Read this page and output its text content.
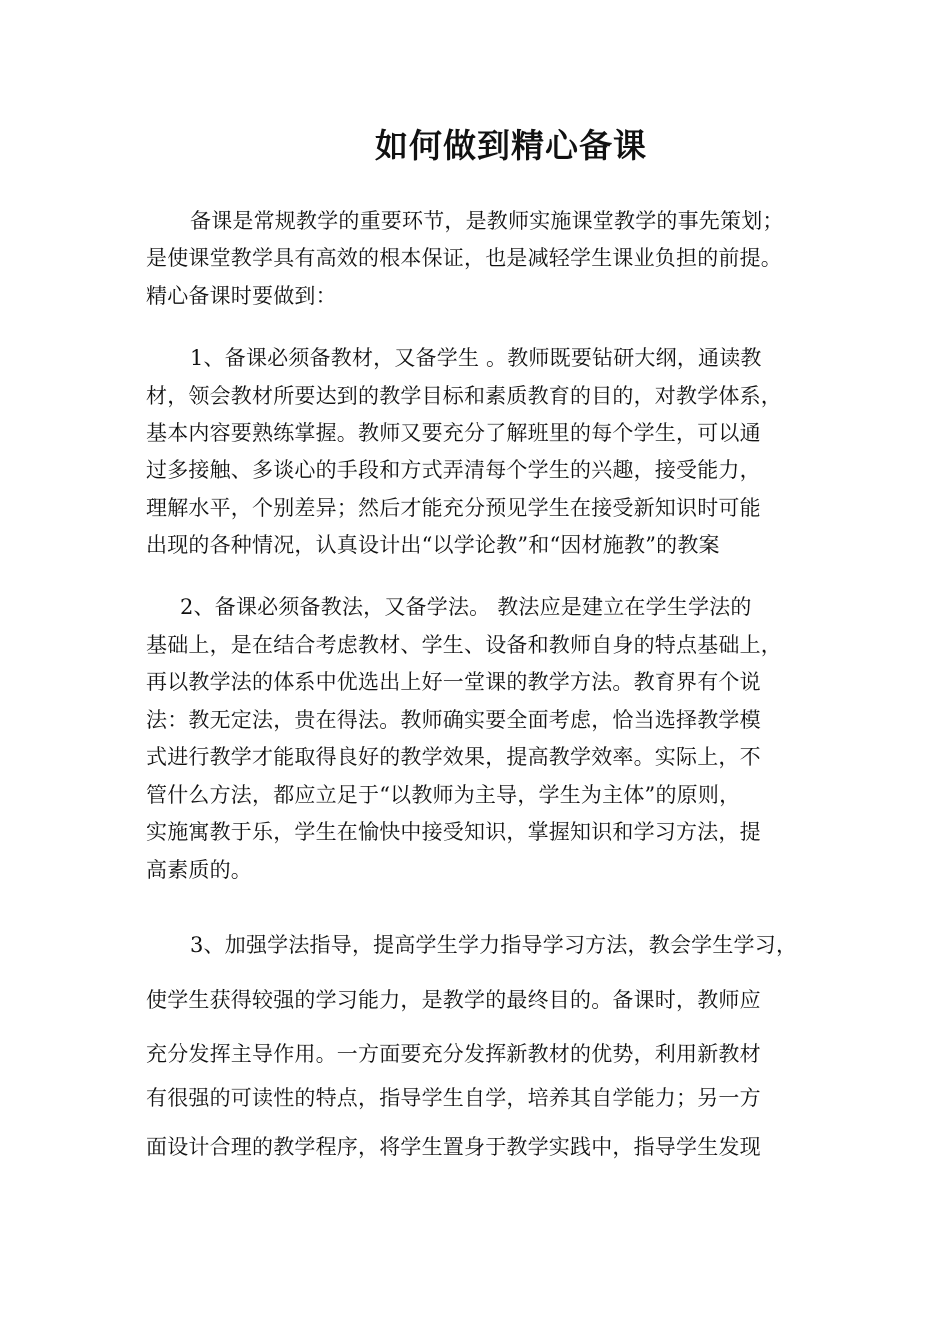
如何做到精心备课
备课是常规教学的重要环节，是教师实施课堂教学的事先策划；
是使课堂教学具有高效的根本保证，也是减轻学生课业负担的前提。
精心备课时要做到：
1、备课必须备教材，又备学生 。教师既要钻研大纲，通读教
材，领会教材所要达到的教学目标和素质教育的目的，对教学体系，
基本内容要熟练掌握。教师又要充分了解班里的每个学生，可以通
过多接触、多谈心的手段和方式弄清每个学生的兴趣，接受能力，
理解水平，个别差异；然后才能充分预见学生在接受新知识时可能
出现的各种情况，认真设计出“以学论教”和“因材施教”的教案
2、备课必须备教法，又备学法。 教法应是建立在学生学法的
基础上，是在结合考虑教材、学生、设备和教师自身的特点基础上，
再以教学法的体系中优选出上好一堂课的教学方法。教育界有个说
法：教无定法，贵在得法。教师确实要全面考虑，恰当选择教学模
式进行教学才能取得良好的教学效果，提高教学效率。实际上，不
管什么方法，都应立足于“以教师为主导，学生为主体”的原则，
实施寓教于乐，学生在愉快中接受知识，掌握知识和学习方法，提
高素质的。
3、加强学法指导，提高学生学力指导学习方法，教会学生学习，
使学生获得较强的学习能力，是教学的最终目的。备课时，教师应
充分发挥主导作用。一方面要充分发挥新教材的优势，利用新教材
有很强的可读性的特点，指导学生自学，培养其自学能力；另一方
面设计合理的教学程序，将学生置身于教学实践中，指导学生发现
